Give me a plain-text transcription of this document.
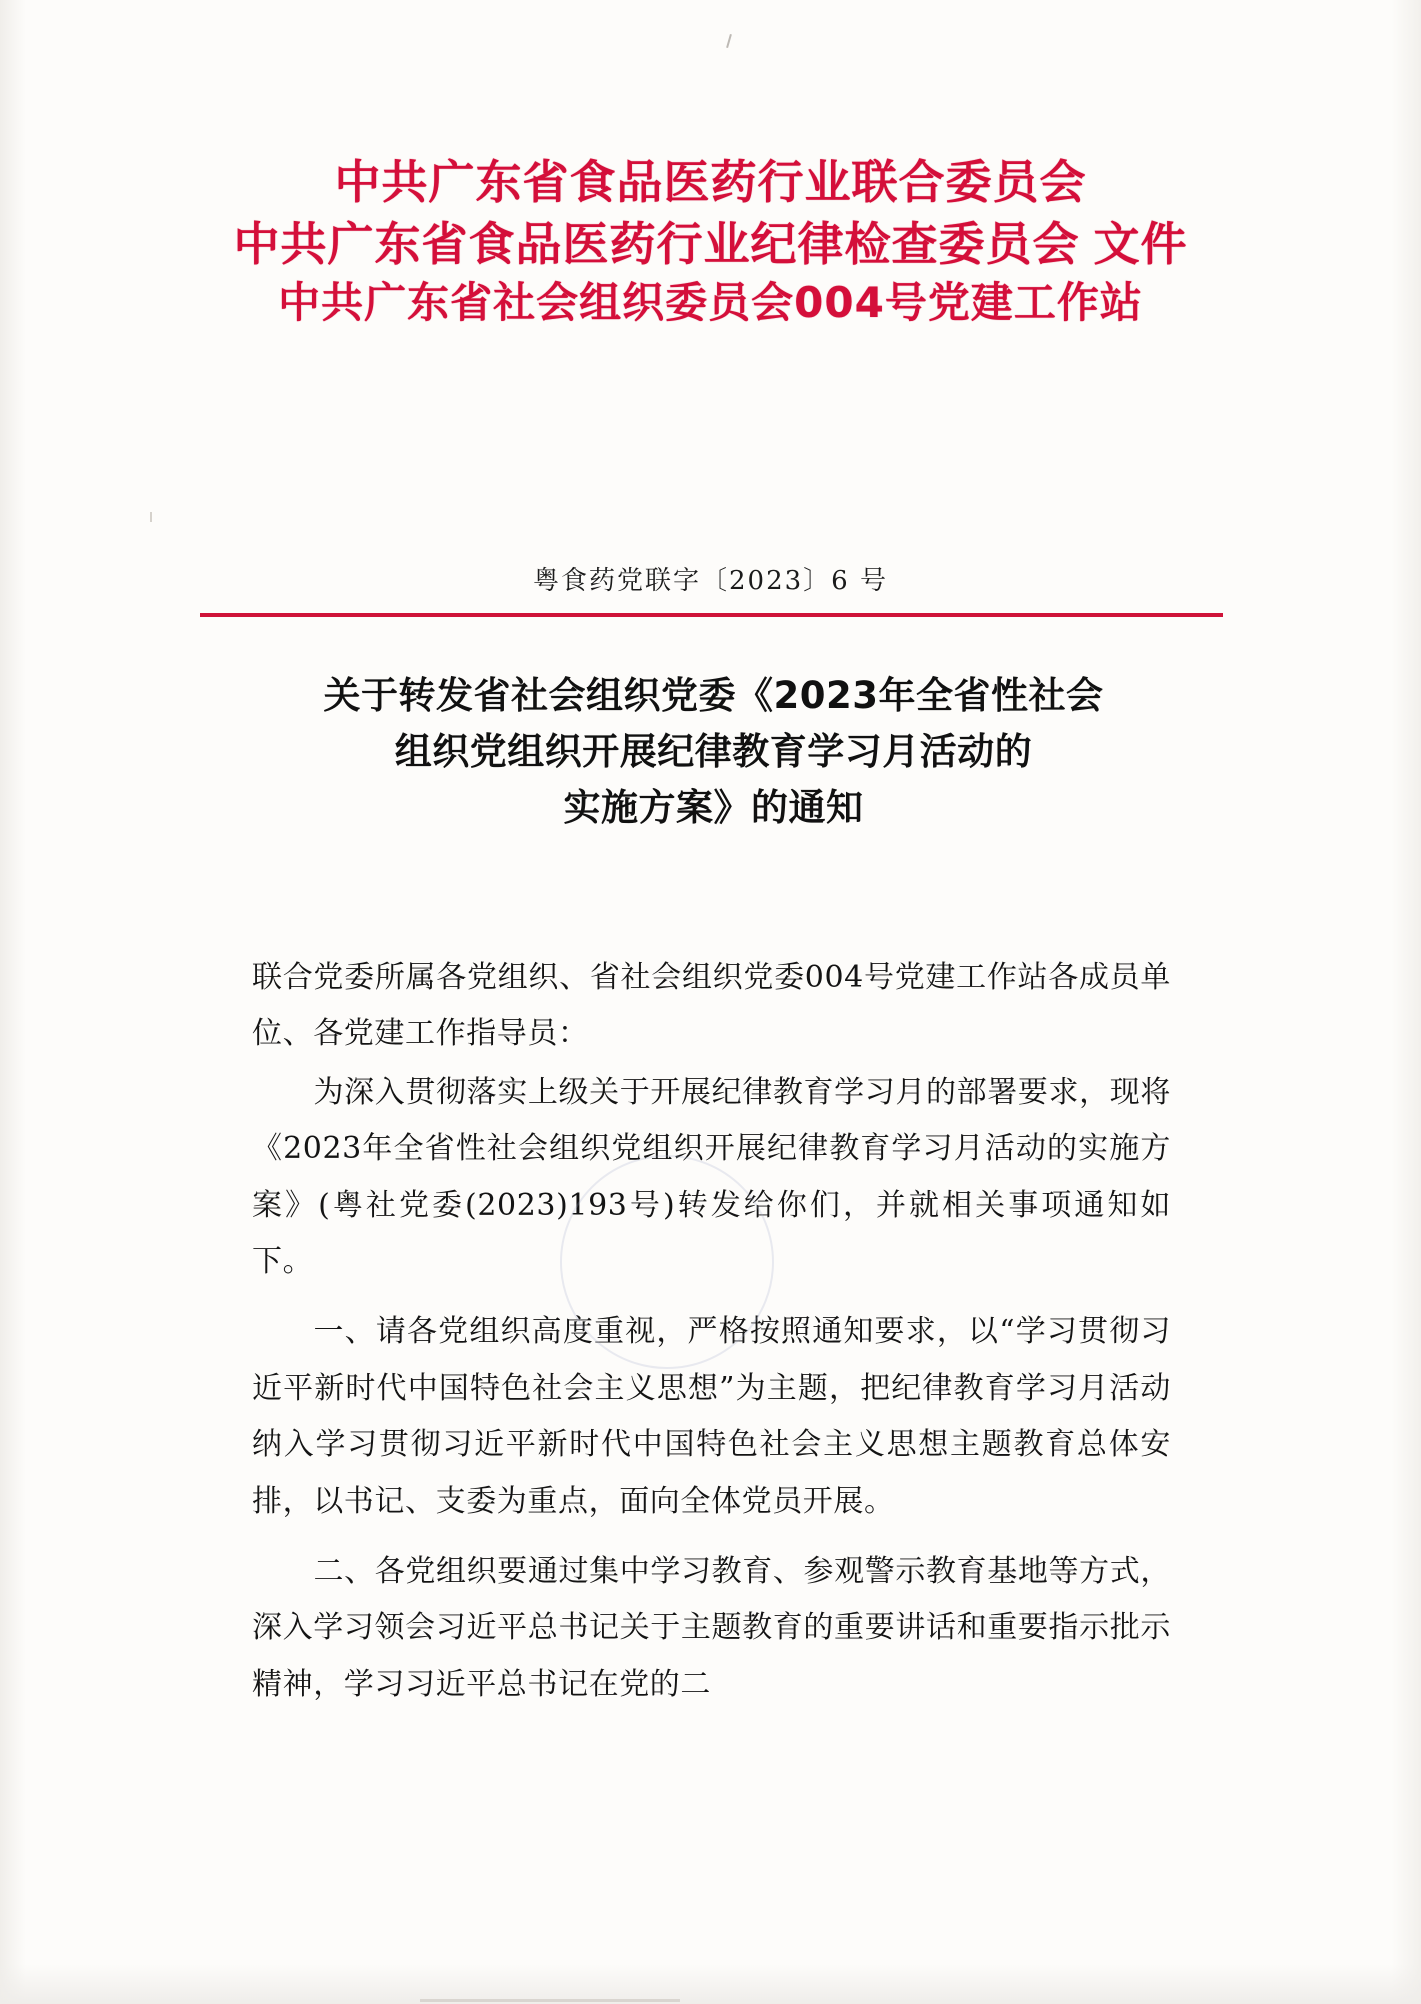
中共广东省食品医药行业联合委员会
中共广东省食品医药行业纪律检查委员会 文件
中共广东省社会组织委员会004号党建工作站
粤食药党联字〔2023〕6 号
关于转发省社会组织党委《2023年全省性社会
组织党组织开展纪律教育学习月活动的
实施方案》的通知

联合党委所属各党组织、省社会组织党委004号党建工作站各成员单位、各党建工作指导员：

为深入贯彻落实上级关于开展纪律教育学习月的部署要求，现将《2023年全省性社会组织党组织开展纪律教育学习月活动的实施方案》(粤社党委(2023)193号)转发给你们，并就相关事项通知如下。

一、请各党组织高度重视，严格按照通知要求，以“学习贯彻习近平新时代中国特色社会主义思想”为主题，把纪律教育学习月活动纳入学习贯彻习近平新时代中国特色社会主义思想主题教育总体安排，以书记、支委为重点，面向全体党员开展。

二、各党组织要通过集中学习教育、参观警示教育基地等方式，深入学习领会习近平总书记关于主题教育的重要讲话和重要指示批示精神，学习习近平总书记在党的二
